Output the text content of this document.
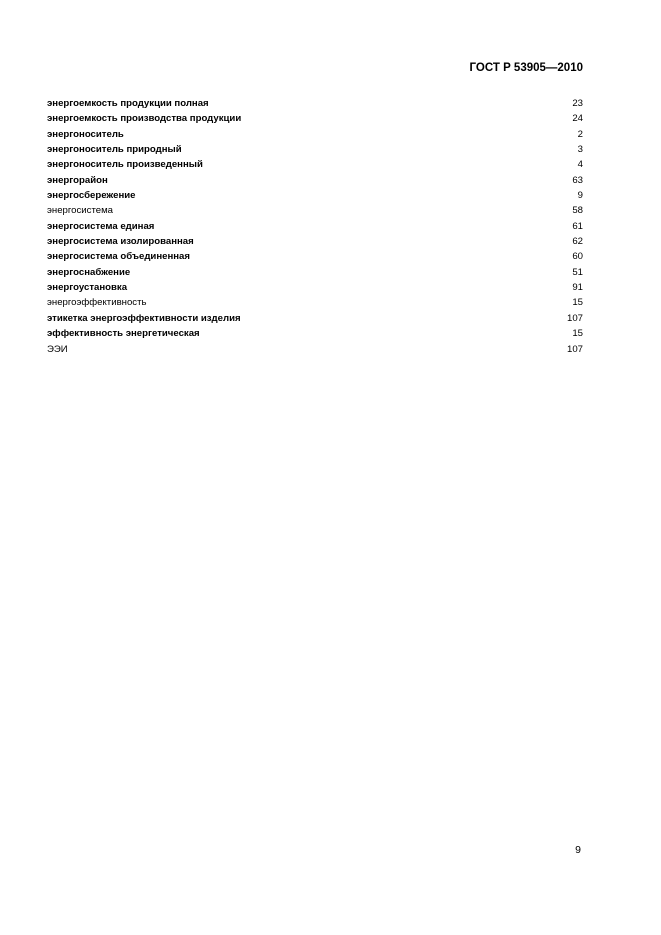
ГОСТ Р 53905—2010
энергоемкость продукции полная	23
энергоемкость производства продукции	24
энергоноситель	2
энергоноситель природный	3
энергоноситель произведенный	4
энергорайон	63
энергосбережение	9
энергосистема	58
энергосистема единая	61
энергосистема изолированная	62
энергосистема объединенная	60
энергоснабжение	51
энергоустановка	91
энергоэффективность	15
этикетка энергоэффективности изделия	107
эффективность энергетическая	15
ЭЭИ	107
9
